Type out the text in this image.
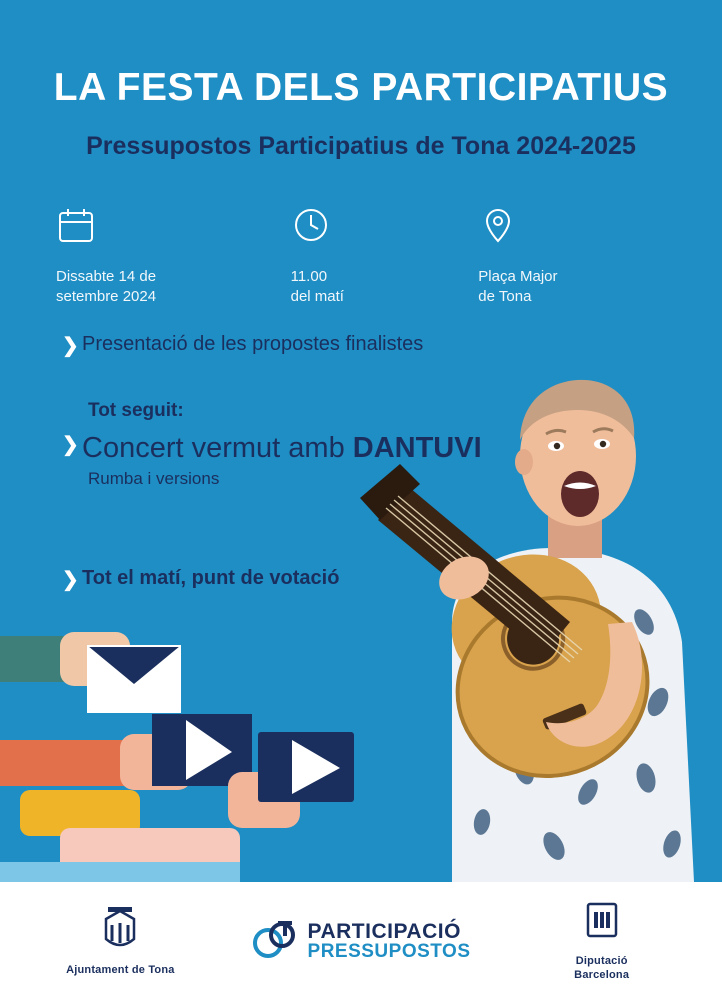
LA FESTA DELS PARTICIPATIUS
Pressupostos Participatius de Tona 2024-2025
Dissabte 14 de
setembre 2024
11.00
del matí
Plaça Major
de Tona
❯ Presentació de les propostes finalistes
Tot seguit:
❯ Concert vermut amb DANTUVI
Rumba i versions
❯ Tot el matí, punt de votació
Ajuntament de Tona
PARTICIPACIÓ
PRESSUPOSTOS	Diputació
Barcelona
